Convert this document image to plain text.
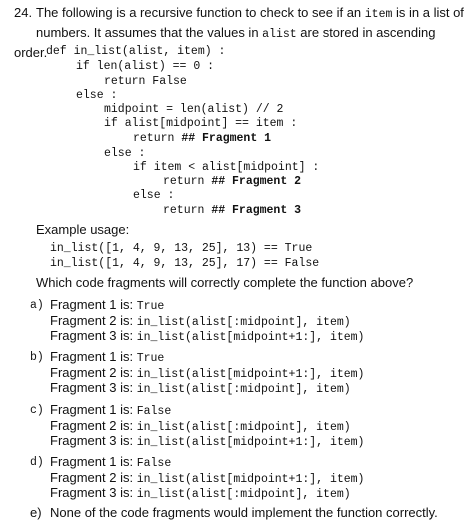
24. The following is a recursive function to check to see if an item is in a list of
numbers. It assumes that the values in alist are stored in ascending order.
def in_list(alist, item) :
if len(alist) == 0 :
return False
else :
midpoint = len(alist) // 2
if alist[midpoint] == item :
return ## Fragment 1
else :
if item < alist[midpoint] :
return ## Fragment 2
else :
return ## Fragment 3
Example usage:
in_list([1, 4, 9, 13, 25], 13) == True
in_list([1, 4, 9, 13, 25], 17) == False
Which code fragments will correctly complete the function above?
a) Fragment 1 is: True
Fragment 2 is: in_list(alist[:midpoint], item)
Fragment 3 is: in_list(alist[midpoint+1:], item)
b) Fragment 1 is: True
Fragment 2 is: in_list(alist[midpoint+1:], item)
Fragment 3 is: in_list(alist[:midpoint], item)
c) Fragment 1 is: False
Fragment 2 is: in_list(alist[:midpoint], item)
Fragment 3 is: in_list(alist[midpoint+1:], item)
d) Fragment 1 is: False
Fragment 2 is: in_list(alist[midpoint+1:], item)
Fragment 3 is: in_list(alist[:midpoint], item)
e) None of the code fragments would implement the function correctly.
